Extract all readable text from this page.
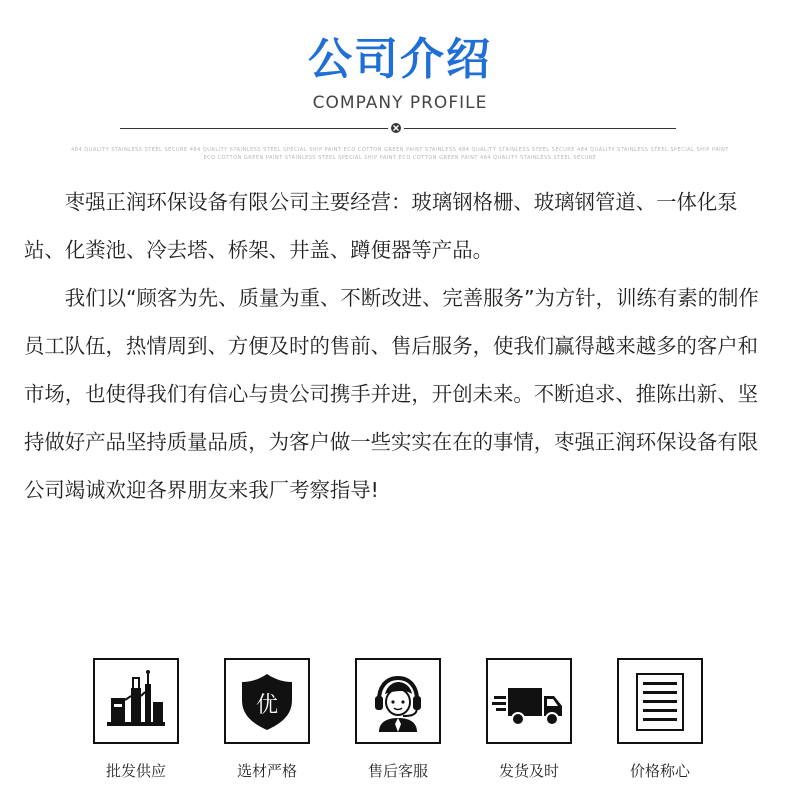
公司介绍
COMPANY PROFILE
484 QUALITY STAINLESS STEEL SECURE 484 QUALITY STAINLESS STEEL SPECIAL SHIP PAINT ECO COTTON GREEN PAINT STAINLESS 484 QUALITY STAINLESS STEEL SECURE 484 QUALITY STAINLESS STEEL SPECIAL SHIP PAINT ECO COTTON GREEN PAINT STAINLESS STEEL SPECIAL SHIP PAINT ECO COTTON GREEN PAINT 484 QUALITY STAINLESS STEEL SECURE

枣强正润环保设备有限公司主要经营：玻璃钢格栅、玻璃钢管道、一体化泵站、化粪池、冷去塔、桥架、井盖、蹲便器等产品。

我们以“顾客为先、质量为重、不断改进、完善服务”为方针，训练有素的制作员工队伍，热情周到、方便及时的售前、售后服务，使我们赢得越来越多的客户和市场，也使得我们有信心与贵公司携手并进，开创未来。不断追求、推陈出新、坚持做好产品坚持质量品质，为客户做一些实实在在的事情，枣强正润环保设备有限公司竭诚欢迎各界朋友来我厂考察指导!

批发供应
优
选材严格	售后客服	发货及时	价格称心
